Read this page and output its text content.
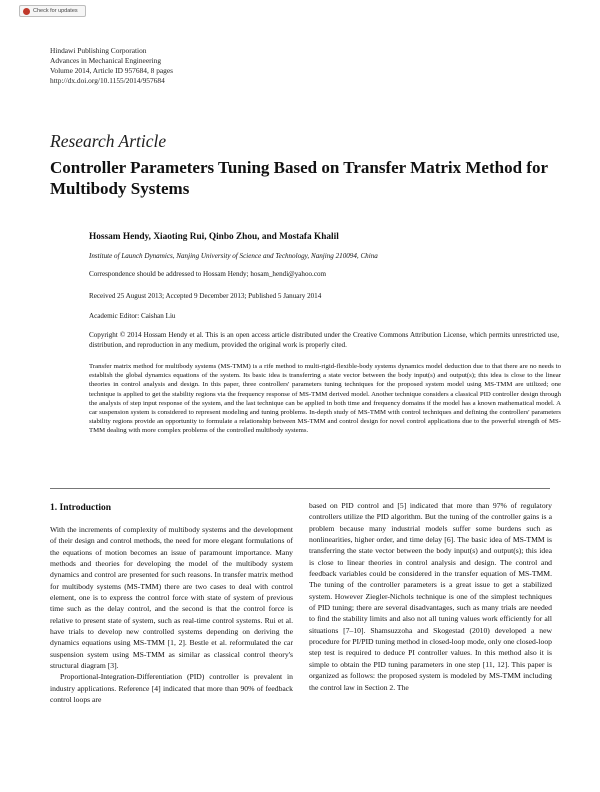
Check for updates
Hindawi Publishing Corporation
Advances in Mechanical Engineering
Volume 2014, Article ID 957684, 8 pages
http://dx.doi.org/10.1155/2014/957684
Research Article
Controller Parameters Tuning Based on Transfer Matrix Method for Multibody Systems
Hossam Hendy, Xiaoting Rui, Qinbo Zhou, and Mostafa Khalil
Institute of Launch Dynamics, Nanjing University of Science and Technology, Nanjing 210094, China
Correspondence should be addressed to Hossam Hendy; hosam_hendi@yahoo.com
Received 25 August 2013; Accepted 9 December 2013; Published 5 January 2014
Academic Editor: Caishan Liu
Copyright © 2014 Hossam Hendy et al. This is an open access article distributed under the Creative Commons Attribution License, which permits unrestricted use, distribution, and reproduction in any medium, provided the original work is properly cited.
Transfer matrix method for multibody systems (MS-TMM) is a rife method to multi-rigid-flexible-body systems dynamics model deduction due to that there are no needs to establish the global dynamics equations of the system. Its basic idea is transferring a state vector between the body input(s) and output(s); this idea is close to the linear theories in control analysis and design. In this paper, three controllers' parameters tuning techniques for the proposed system model using MS-TMM are utilized; one technique is applied to get the stability regions via the frequency response of MS-TMM derived model. Another technique considers a classical PID controller design through the analysis of step input response of the system, and the last technique can be applied in both time and frequency domains if the model has a known mathematical model. A car suspension system is considered to represent modeling and tuning problems. In-depth study of MS-TMM with control techniques and defining the controllers' parameters stability regions provide an opportunity to formulate a relationship between MS-TMM and control design for novel control applications due to the powerful strength of MS-TMM dealing with more complex problems of the controlled multibody systems.
1. Introduction

With the increments of complexity of multibody systems and the development of their design and control methods, the need for more elegant formulations of the equations of motion becomes an issue of paramount importance. Many methods and theories for developing the model of the multibody system dynamics and control are presented for such reasons. In transfer matrix method for multibody systems (MS-TMM) there are two cases to deal with control element, one is to express the control force with state of system of previous time such as the delay control, and the second is that the control force is relative to present state of system, such as real-time control systems. Rui et al. have trials to develop new controlled systems depending on deriving the dynamics equations using MS-TMM [1, 2]. Bestle et al. reformulated the car suspension system using MS-TMM as similar as classical control theory's structural diagram [3].

Proportional-Integration-Differentiation (PID) controller is prevalent in industry applications. Reference [4] indicated that more than 90% of feedback control loops are

based on PID control and [5] indicated that more than 97% of regulatory controllers utilize the PID algorithm. But the tuning of the controller gains is a problem because many industrial models suffer some burdens such as nonlinearities, higher order, and time delay [6]. The basic idea of MS-TMM is transferring the state vector between the body input(s) and output(s); this idea is close to linear theories in control analysis and design. The control and feedback variables could be considered in the transfer equation of MS-TMM. The tuning of the controller parameters is a great issue to get a stabilized system. However Ziegler-Nichols technique is one of the simplest techniques of PID tuning; there are several disadvantages, such as many trials are needed to find the stability limits and also not all tuning values work efficiently for all situations [7–10]. Shamsuzzoha and Skogestad (2010) developed a new procedure for PI/PID tuning method in closed-loop mode, only one closed-loop step test is required to deduce PI controller values. In this method also it is simple to obtain the PID tuning parameters in one step [11, 12]. This paper is organized as follows: the proposed system is modeled by MS-TMM including the control law in Section 2. The
